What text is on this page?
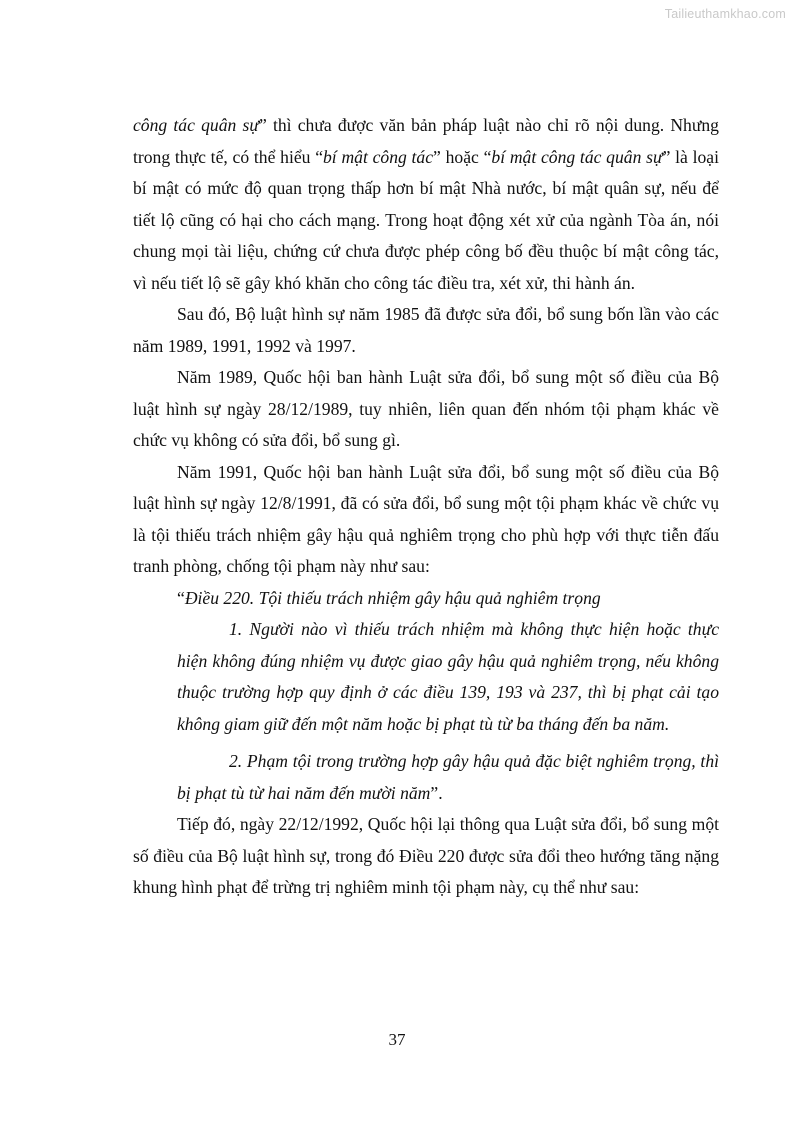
Tailieuthamkhao.com

công tác quân sự” thì chưa được văn bản pháp luật nào chỉ rõ nội dung. Nhưng trong thực tế, có thể hiểu “bí mật công tác” hoặc “bí mật công tác quân sự” là loại bí mật có mức độ quan trọng thấp hơn bí mật Nhà nước, bí mật quân sự, nếu để tiết lộ cũng có hại cho cách mạng. Trong hoạt động xét xử của ngành Tòa án, nói chung mọi tài liệu, chứng cứ chưa được phép công bố đều thuộc bí mật công tác, vì nếu tiết lộ sẽ gây khó khăn cho công tác điều tra, xét xử, thi hành án.

Sau đó, Bộ luật hình sự năm 1985 đã được sửa đổi, bổ sung bốn lần vào các năm 1989, 1991, 1992 và 1997.

Năm 1989, Quốc hội ban hành Luật sửa đổi, bổ sung một số điều của Bộ luật hình sự ngày 28/12/1989, tuy nhiên, liên quan đến nhóm tội phạm khác về chức vụ không có sửa đổi, bổ sung gì.

Năm 1991, Quốc hội ban hành Luật sửa đổi, bổ sung một số điều của Bộ luật hình sự ngày 12/8/1991, đã có sửa đổi, bổ sung một tội phạm khác về chức vụ là tội thiếu trách nhiệm gây hậu quả nghiêm trọng cho phù hợp với thực tiễn đấu tranh phòng, chống tội phạm này như sau:

“Điều 220. Tội thiếu trách nhiệm gây hậu quả nghiêm trọng

1. Người nào vì thiếu trách nhiệm mà không thực hiện hoặc thực hiện không đúng nhiệm vụ được giao gây hậu quả nghiêm trọng, nếu không thuộc trường hợp quy định ở các điều 139, 193 và 237, thì bị phạt cải tạo không giam giữ đến một năm hoặc bị phạt tù từ ba tháng đến ba năm.

2. Phạm tội trong trường hợp gây hậu quả đặc biệt nghiêm trọng, thì bị phạt tù từ hai năm đến mười năm”.

Tiếp đó, ngày 22/12/1992, Quốc hội lại thông qua Luật sửa đổi, bổ sung một số điều của Bộ luật hình sự, trong đó Điều 220 được sửa đổi theo hướng tăng nặng khung hình phạt để trừng trị nghiêm minh tội phạm này, cụ thể như sau:

37
